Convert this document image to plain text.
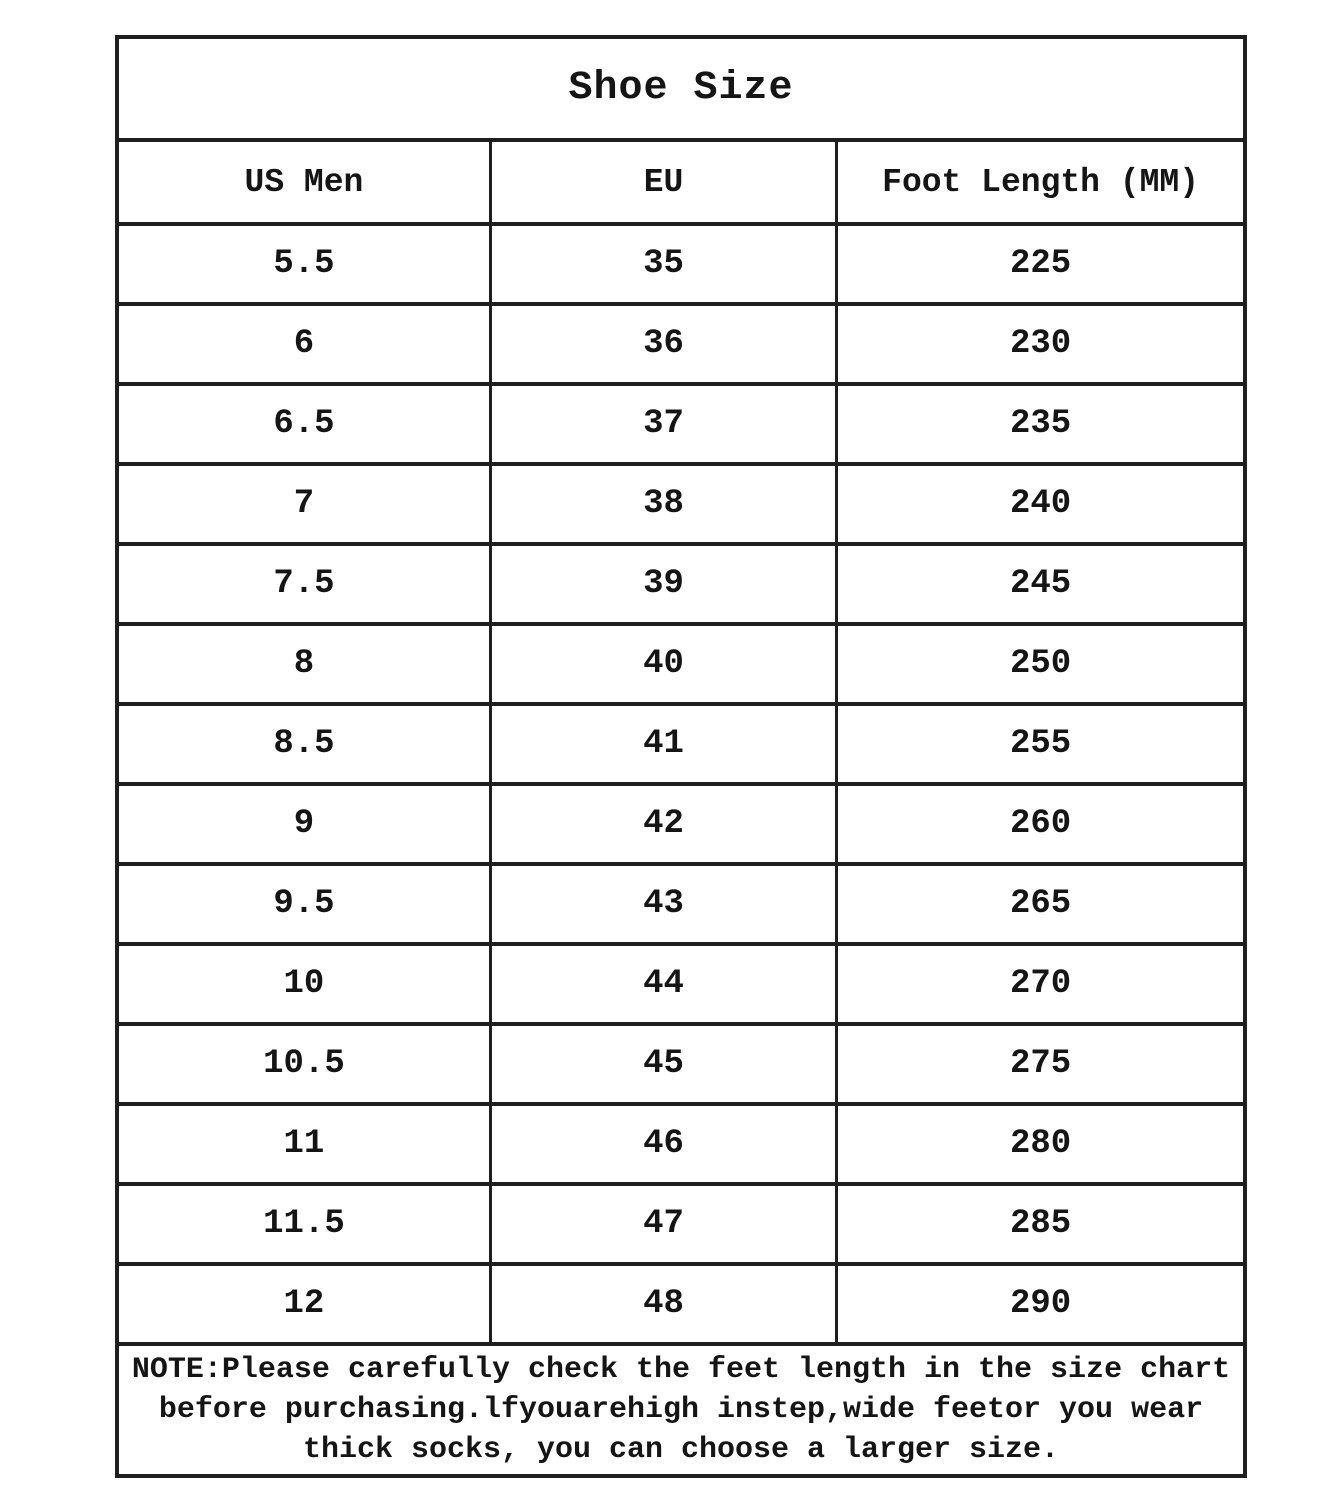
Shoe Size		
US Men	EU	Foot Length (MM)
5.5	35	225
6	36	230
6.5	37	235
7	38	240
7.5	39	245
8	40	250
8.5	41	255
9	42	260
9.5	43	265
10	44	270
10.5	45	275
11	46	280
11.5	47	285
12	48	290

NOTE:Please carefully check the feet length in the size chart
before purchasing.lfyouarehigh instep,wide feetor you wear
thick socks, you can choose a larger size.		
